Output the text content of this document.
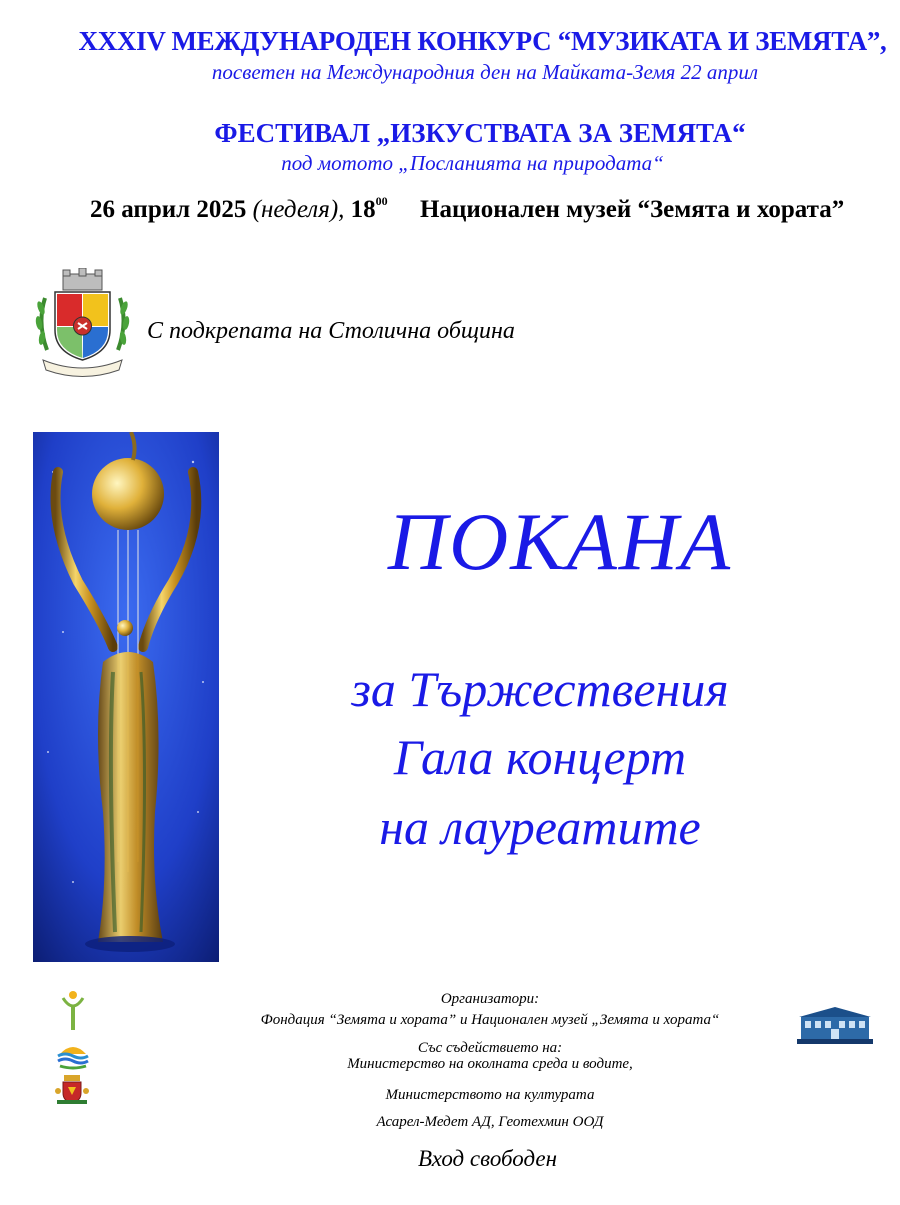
XXXIV МЕЖДУНАРОДЕН КОНКУРС “МУЗИКАТА И ЗЕМЯТА”,
посветен на Международния ден на Майката-Земя 22 април
ФЕСТИВАЛ „ИЗКУСТВАТА ЗА ЗЕМЯТА“
под мотото „Посланията на природата“
26 април 2025 (неделя), $18^{00}$ Национален музей “Земята и хората”
С подкрепата на Столична община
ПОКАНА
за Тържествения
Гала концерт
на лауреатите
Организатори:
Фондация “Земята и хората” и Национален музей „Земята и хората“
Със съдействието на:
Министерство на околната среда и водите,
Министерството на културата
Асарел-Медет АД, Геотехмин ООД
Вход свободен
